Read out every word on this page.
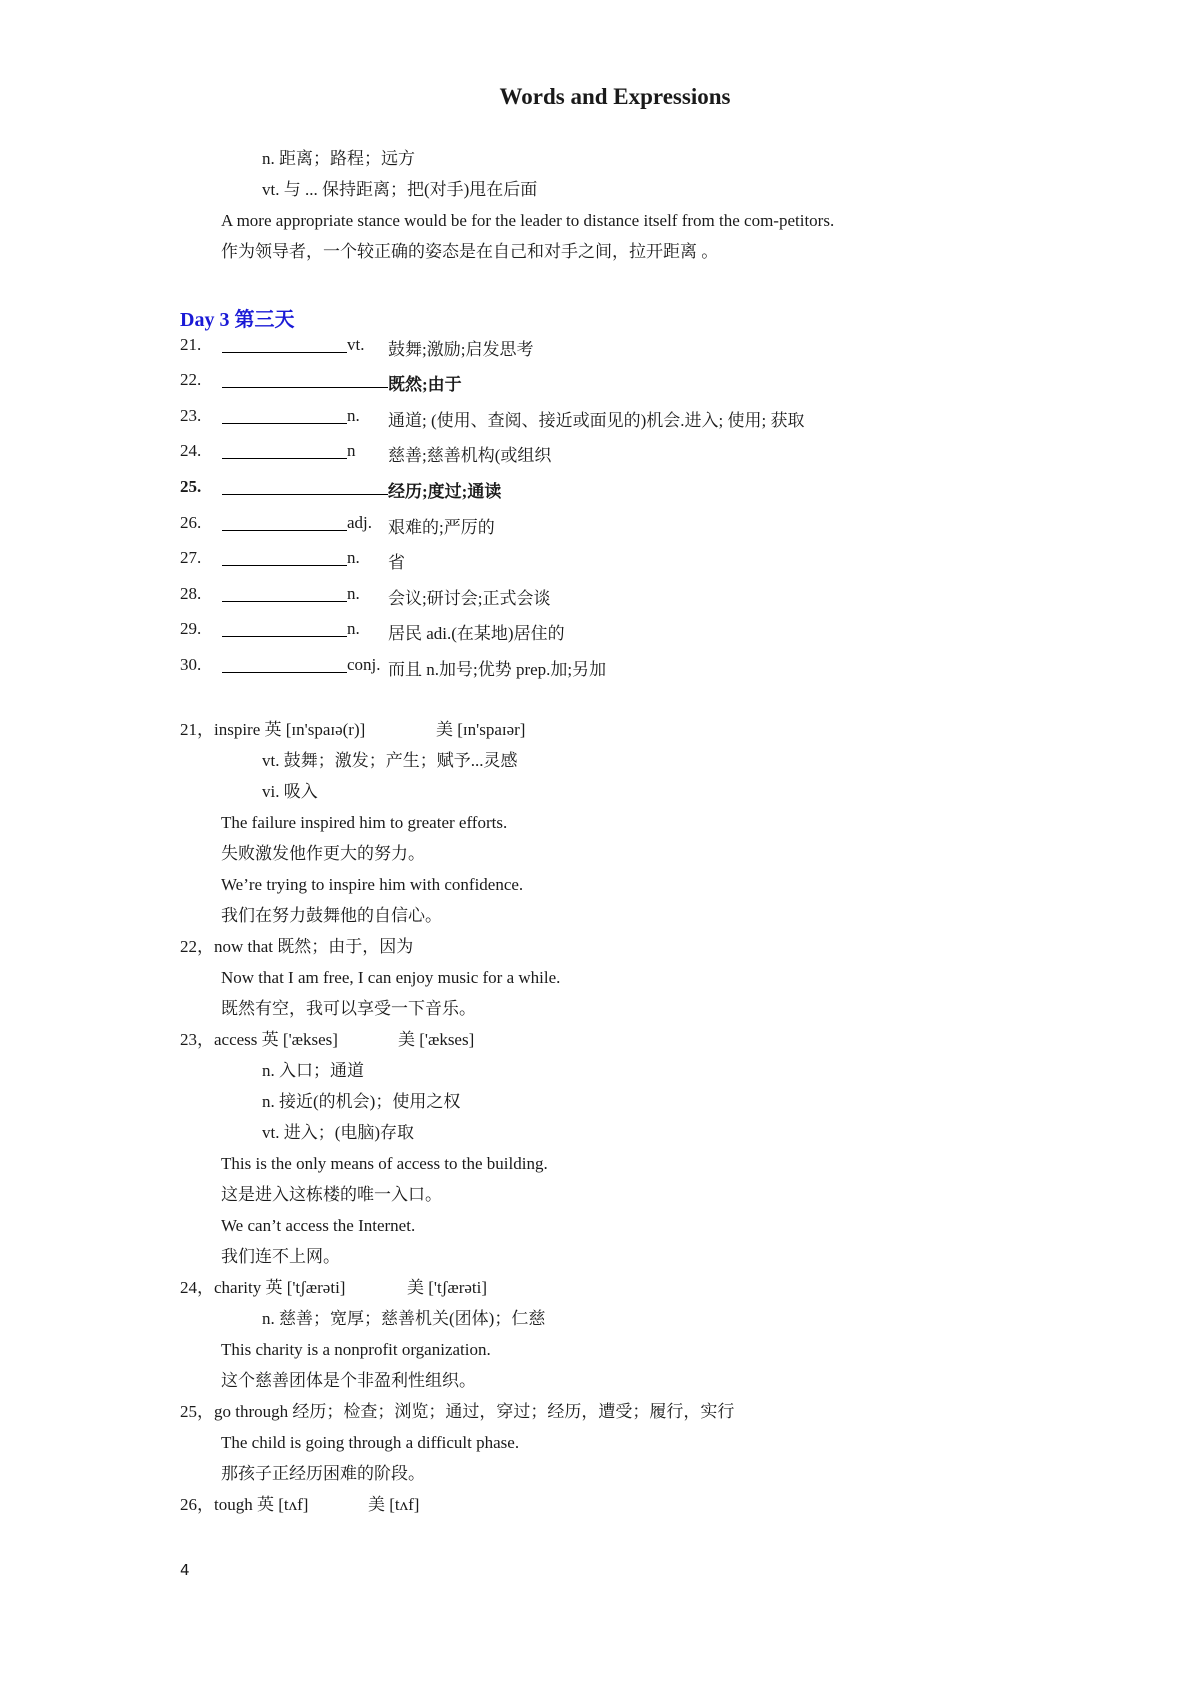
Words and Expressions
n. 距离；路程；远方
vt. 与 ... 保持距离；把(对手)甩在后面
A more appropriate stance would be for the leader to distance itself from the com-petitors.
作为领导者，一个较正确的姿态是在自己和对手之间，拉开距离 。
Day 3 第三天
21.	vt. 鼓舞;激励;启发思考
22.	既然;由于
23.	n. 通道; (使用、查阅、接近或面见的)机会.进入; 使用; 获取
24.	n 慈善;慈善机构(或组织
25.	经历;度过;通读
26.	adj. 艰难的;严厉的
27.	n. 省
28.	n. 会议;研讨会;正式会谈
29.	n. 居民 adi.(在某地)居住的
30.	conj. 而且 n.加号;优势 prep.加;另加
21，inspire 英 [ɪn'spaɪə(r)]	美 [ɪn'spaɪər]
vt. 鼓舞；激发；产生；赋予...灵感
vi. 吸入
The failure inspired him to greater efforts.
失败激发他作更大的努力。
We’re trying to inspire him with confidence.
我们在努力鼓舞他的自信心。
22，now that 既然；由于，因为
Now that I am free, I can enjoy music for a while.
既然有空，我可以享受一下音乐。
23，access 英 ['ækses]	美 ['ækses]
n. 入口；通道
n. 接近(的机会)；使用之权
vt. 进入；(电脑)存取
This is the only means of access to the building.
这是进入这栋楼的唯一入口。
We can’t access the Internet.
我们连不上网。
24，charity 英 ['tʃærəti]	美 ['tʃærəti]
n. 慈善；宽厚；慈善机关(团体)；仁慈
This charity is a nonprofit organization.
这个慈善团体是个非盈利性组织。
25，go through 经历；检查；浏览；通过，穿过；经历，遭受；履行，实行
The child is going through a difficult phase.
那孩子正经历困难的阶段。
26，tough 英 [tʌf]	美 [tʌf]
4
